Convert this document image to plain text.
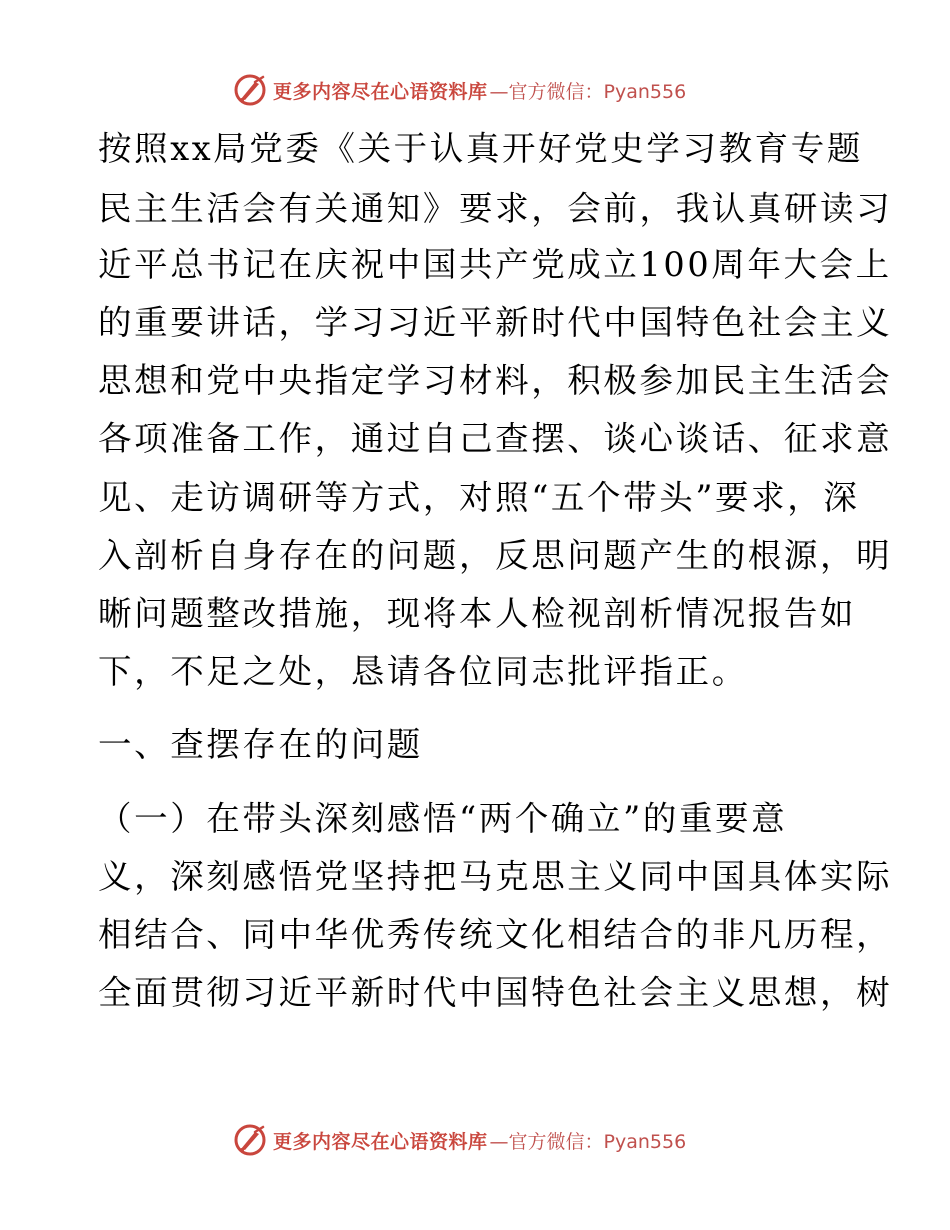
更多内容尽在心语资料库 —官方微信：Pyan556
按照xx局党委《关于认真开好党史学习教育专题
民主生活会有关通知》要求，会前，我认真研读习
近平总书记在庆祝中国共产党成立100周年大会上
的重要讲话，学习习近平新时代中国特色社会主义
思想和党中央指定学习材料，积极参加民主生活会
各项准备工作，通过自己查摆、谈心谈话、征求意
见、走访调研等方式，对照“五个带头”要求，深
入剖析自身存在的问题，反思问题产生的根源，明
晰问题整改措施，现将本人检视剖析情况报告如
下，不足之处，恳请各位同志批评指正。
一、查摆存在的问题
（一）在带头深刻感悟“两个确立”的重要意
义，深刻感悟党坚持把马克思主义同中国具体实际
相结合、同中华优秀传统文化相结合的非凡历程，
全面贯彻习近平新时代中国特色社会主义思想，树
更多内容尽在心语资料库 —官方微信：Pyan556
